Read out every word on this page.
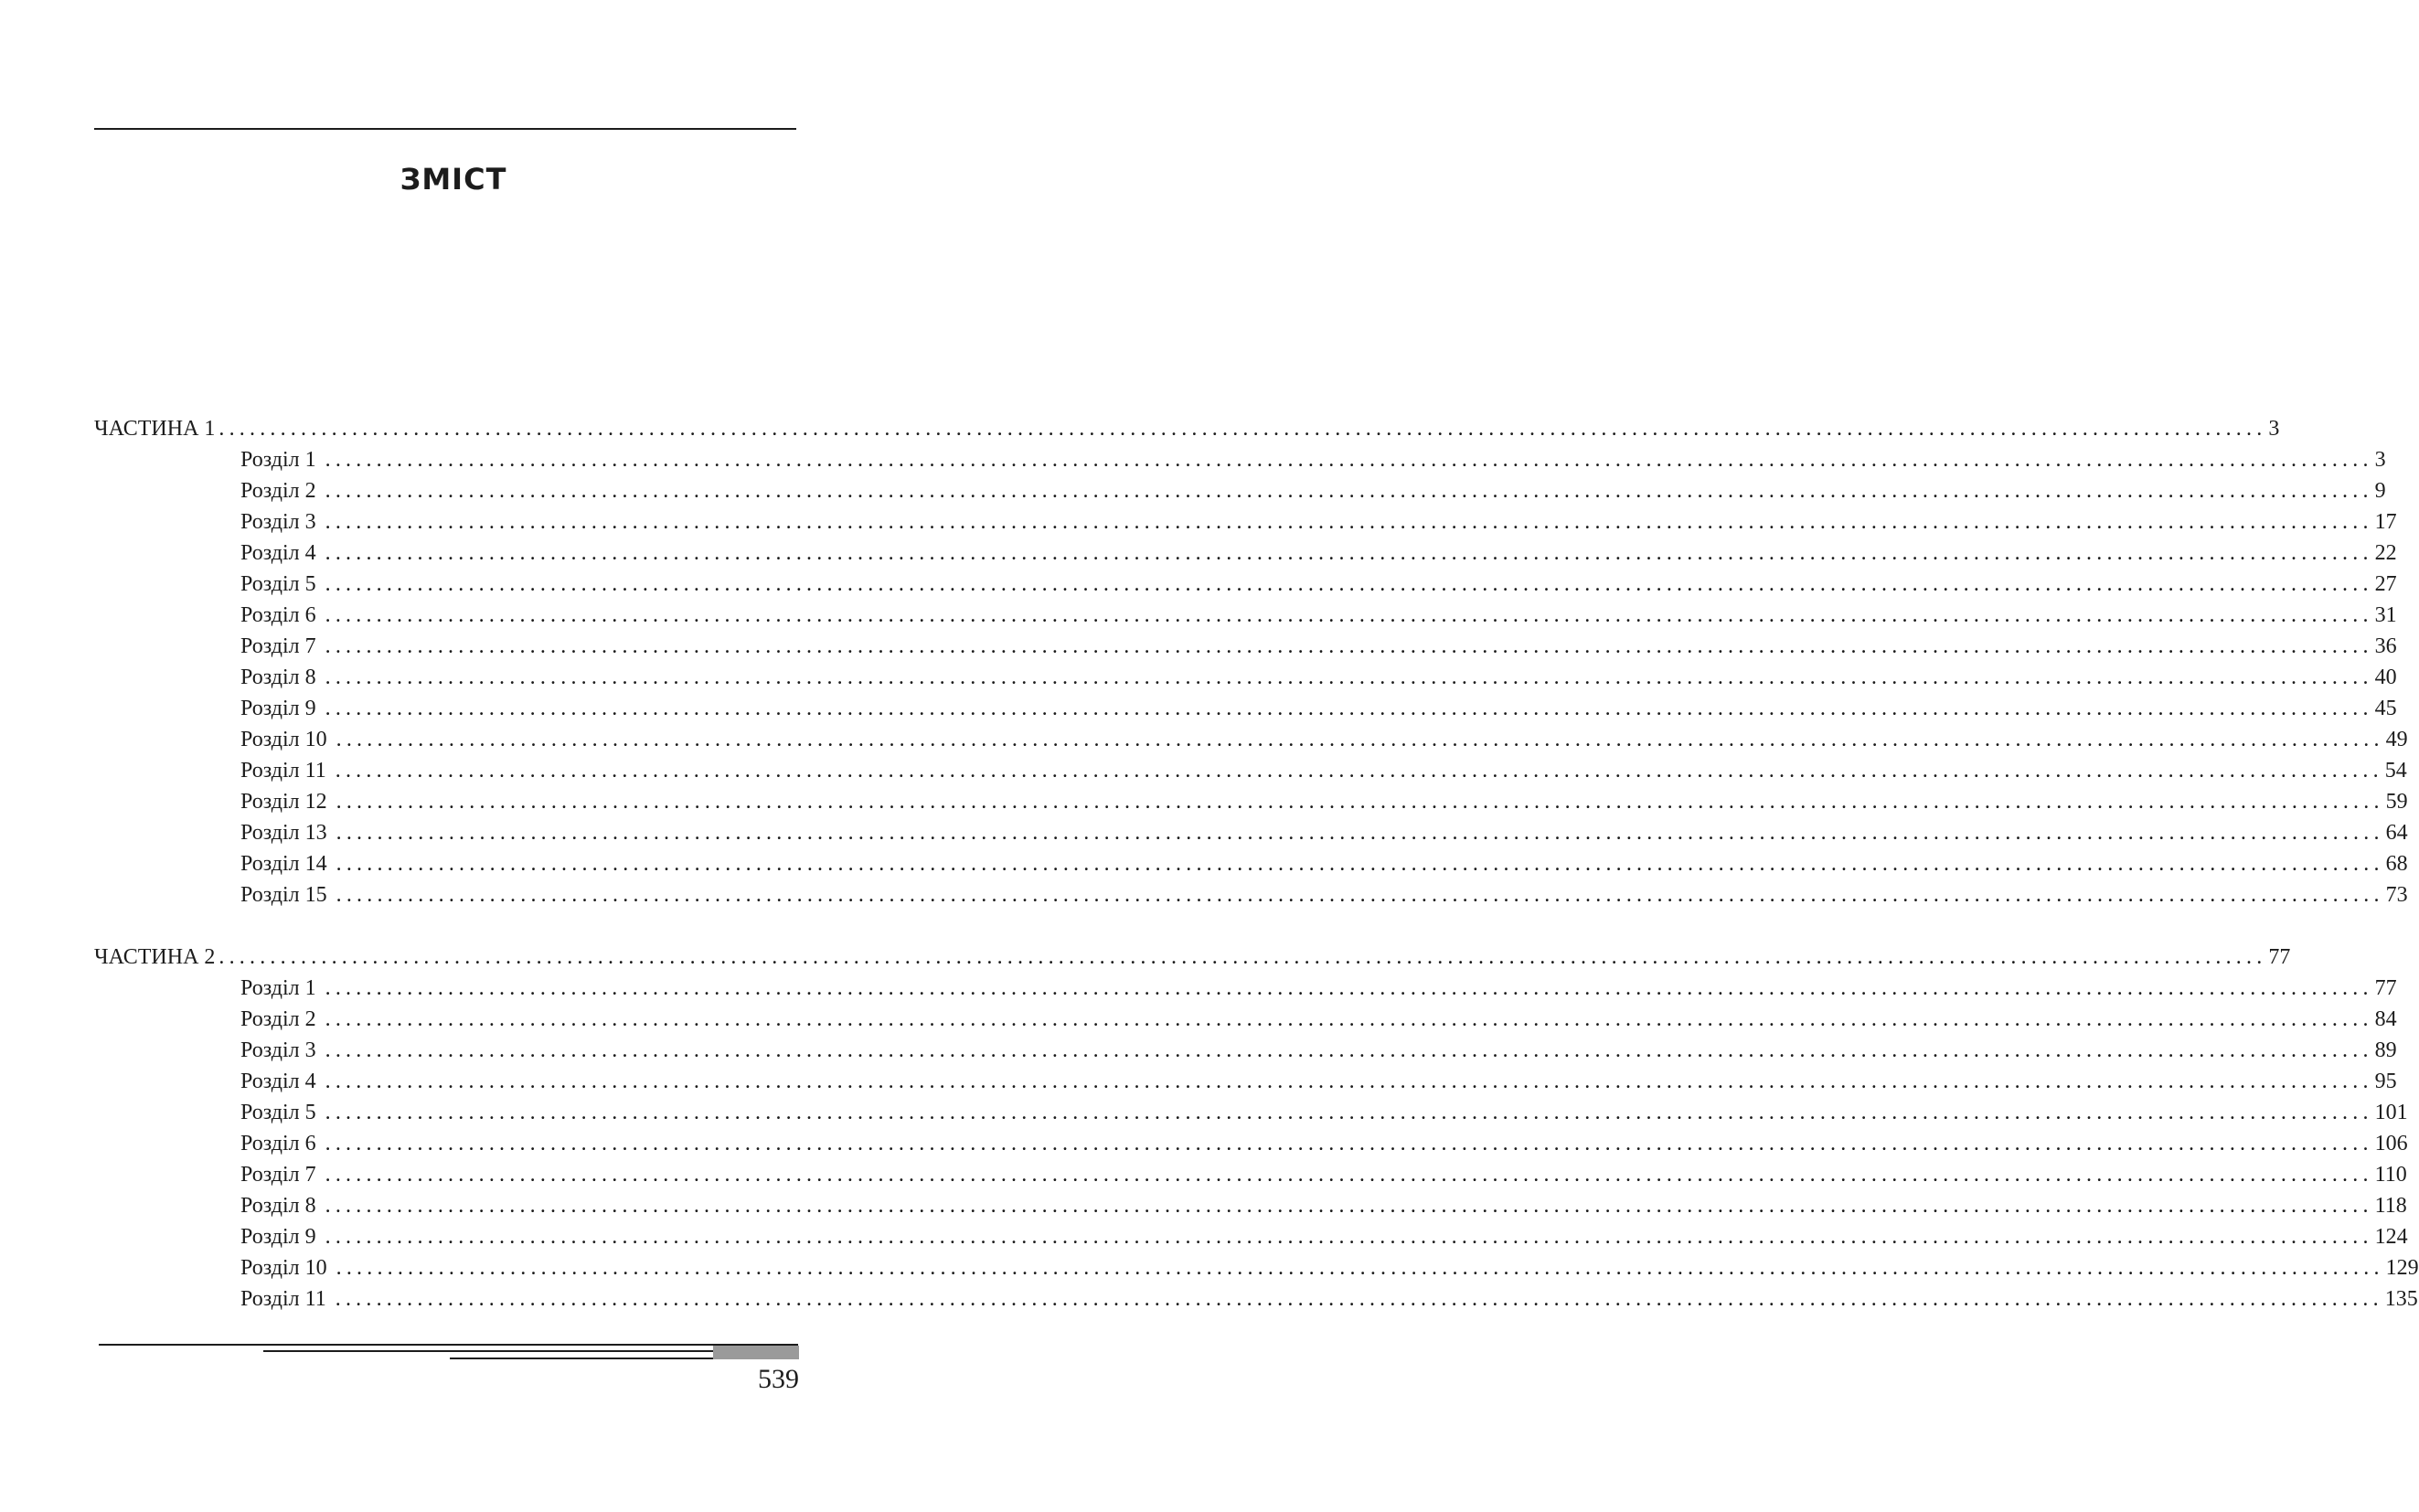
ЗМІСТ
ЧАСТИНА 1 ........................................................................................................................................................................................................ 3
Розділ 1 ........................................................................................................................................................................................................ 3
Розділ 2 ........................................................................................................................................................................................................ 9
Розділ 3 ........................................................................................................................................................................................................ 17
Розділ 4 ........................................................................................................................................................................................................ 22
Розділ 5 ........................................................................................................................................................................................................ 27
Розділ 6 ........................................................................................................................................................................................................ 31
Розділ 7 ........................................................................................................................................................................................................ 36
Розділ 8 ........................................................................................................................................................................................................ 40
Розділ 9 ........................................................................................................................................................................................................ 45
Розділ 10 ........................................................................................................................................................................................................ 49
Розділ 11 ........................................................................................................................................................................................................ 54
Розділ 12 ........................................................................................................................................................................................................ 59
Розділ 13 ........................................................................................................................................................................................................ 64
Розділ 14 ........................................................................................................................................................................................................ 68
Розділ 15 ........................................................................................................................................................................................................ 73
ЧАСТИНА 2 ........................................................................................................................................................................................................ 77
Розділ 1 ........................................................................................................................................................................................................ 77
Розділ 2 ........................................................................................................................................................................................................ 84
Розділ 3 ........................................................................................................................................................................................................ 89
Розділ 4 ........................................................................................................................................................................................................ 95
Розділ 5 ........................................................................................................................................................................................................ 101
Розділ 6 ........................................................................................................................................................................................................ 106
Розділ 7 ........................................................................................................................................................................................................ 110
Розділ 8 ........................................................................................................................................................................................................ 118
Розділ 9 ........................................................................................................................................................................................................ 124
Розділ 10 ........................................................................................................................................................................................................ 129
Розділ 11 ........................................................................................................................................................................................................ 135
539
